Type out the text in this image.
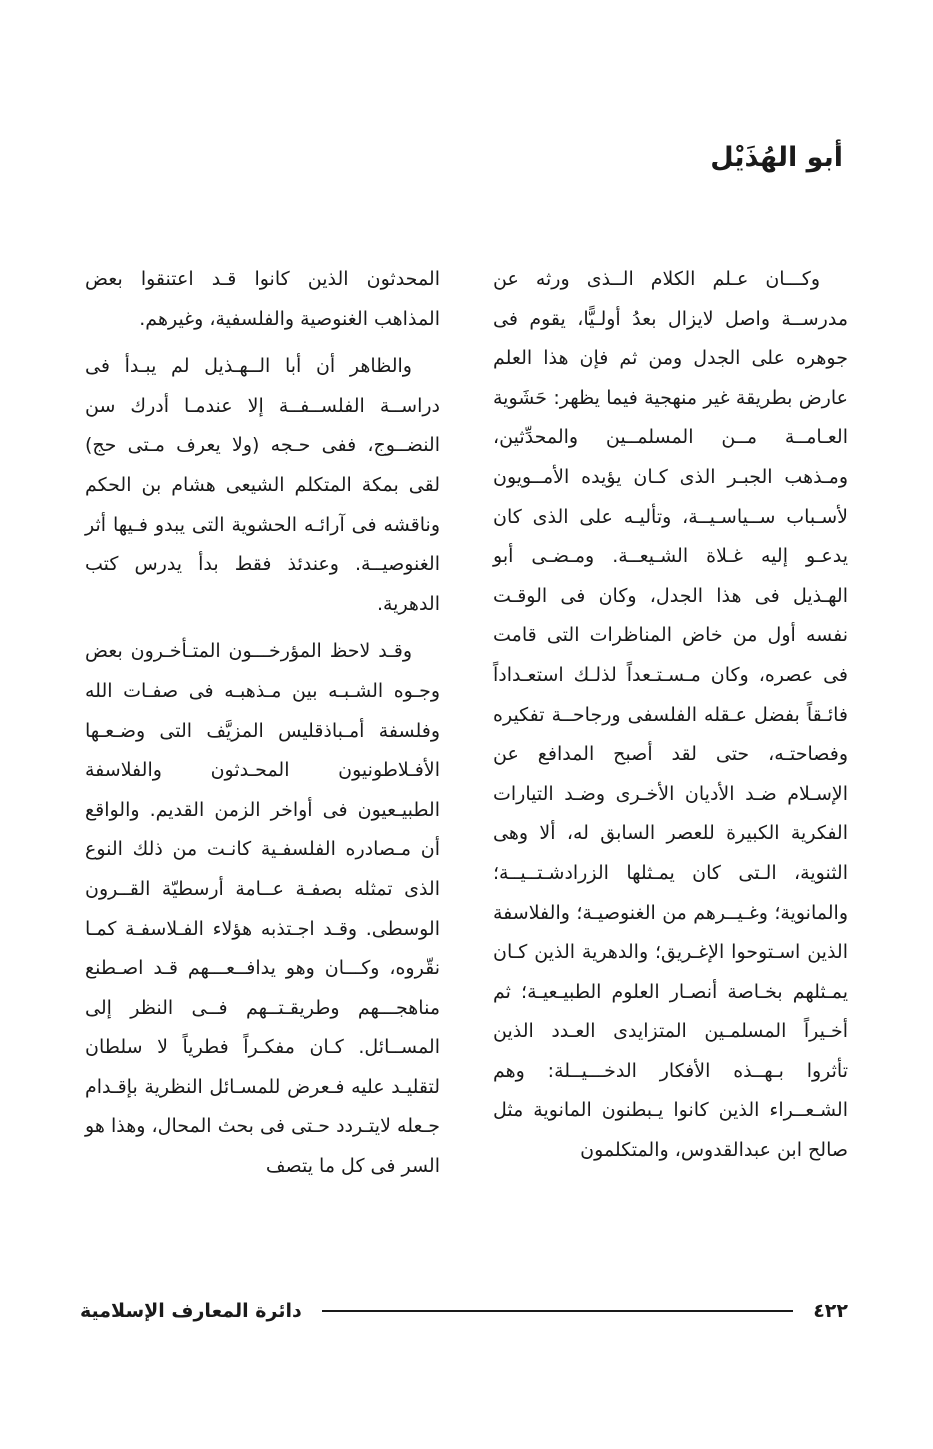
أبو الهُذَيْل

وكـــان عـلم الكلام الــذى ورثه عن مدرســة واصل لايزال بعدُ أولـيًّا، يقوم فى جوهره على الجدل ومن ثم فإن هذا العلم عارض بطريقة غير منهجية فيما يظهر: حَشَوية العـامــة مــن المسلمــين والمحدِّثين، ومـذهب الجبـر الذى كـان يؤيده الأمــويون لأسـباب ســياسـيــة، وتأليـه على الذى كان يدعـو إليه غـلاة الشـيعــة. ومـضـى أبو الهـذيل فى هذا الجدل، وكان فى الوقـت نفسه أول من خاض المناظرات التى قامت فى عصره، وكان مـسـتـعداً لذلـك استعـداداً فائـقاً بفضل عـقله الفلسفى ورجاحــة تفكيره وفصاحتـه، حتى لقد أصبح المدافع عن الإسـلام ضـد الأديان الأخـرى وضـد التيارات الفكرية الكبيرة للعصر السابق له، ألا وهى الثنوية، الـتى كان يمـثلها الزرادشـتــيــة؛ والمانوية؛ وغـيــرهم من الغنوصيـة؛ والفلاسفة الذين اسـتوحوا الإغـريق؛ والدهرية الذين كـان يمـثلهم بخـاصة أنصـار العلوم الطبيـعيـة؛ ثم أخـيراً المسلمـين المتزايدى العـدد الذين تأثروا بـهــذه الأفكار الدخـــيــلة: وهم الشـعــراء الذين كانوا يـبطنون المانوية مثل صالح ابن عبدالقدوس، والمتكلمون

المحدثون الذين كانوا قـد اعتنقوا بعض المذاهب الغنوصية والفلسفية، وغيرهم.

والظاهر أن أبا الــهـذيل لم يبـدأ فى دراســة الفلســفــة إلا عندمـا أدرك سن النضــوج، ففى حـجه (ولا يعرف مـتى حج) لقى بمكة المتكلم الشيعى هشام بن الحكم وناقشه فى آرائـه الحشوية التى يبدو فـيها أثر الغنوصيــة. وعندئذ فقط بدأ يدرس كتب الدهرية.

وقـد لاحظ المؤرخـــون المتـأخـرون بعض وجـوه الشـبـه بين مـذهبـه فى صفـات الله وفلسفة أمـباذقليس المزيَّف التى وضـعـها الأفـلاطونيون المحـدثون والفلاسفة الطبيـعيون فى أواخر الزمن القديم. والواقع أن مـصادره الفلسفـية كانـت من ذلك النوع الذى تمثله بصفـة عــامة أرسطيّة القــرون الوسطى. وقـد اجـتذبه هؤلاء الفـلاسفـة كمـا نقّروه، وكـــان وهو يدافــعـــهم قـد اصـطنع مناهجـــهم وطريقـتــهم فــى النظر إلى المســائل. كـان مفكـراً فطرياً لا سلطان لتقليـد عليه فـعرض للمسـائل النظرية بإقـدام جـعله لايتـردد حـتى فى بحث المحال، وهذا هو السر فى كل ما يتصف

٤٢٢
دائرة المعارف الإسلامية
